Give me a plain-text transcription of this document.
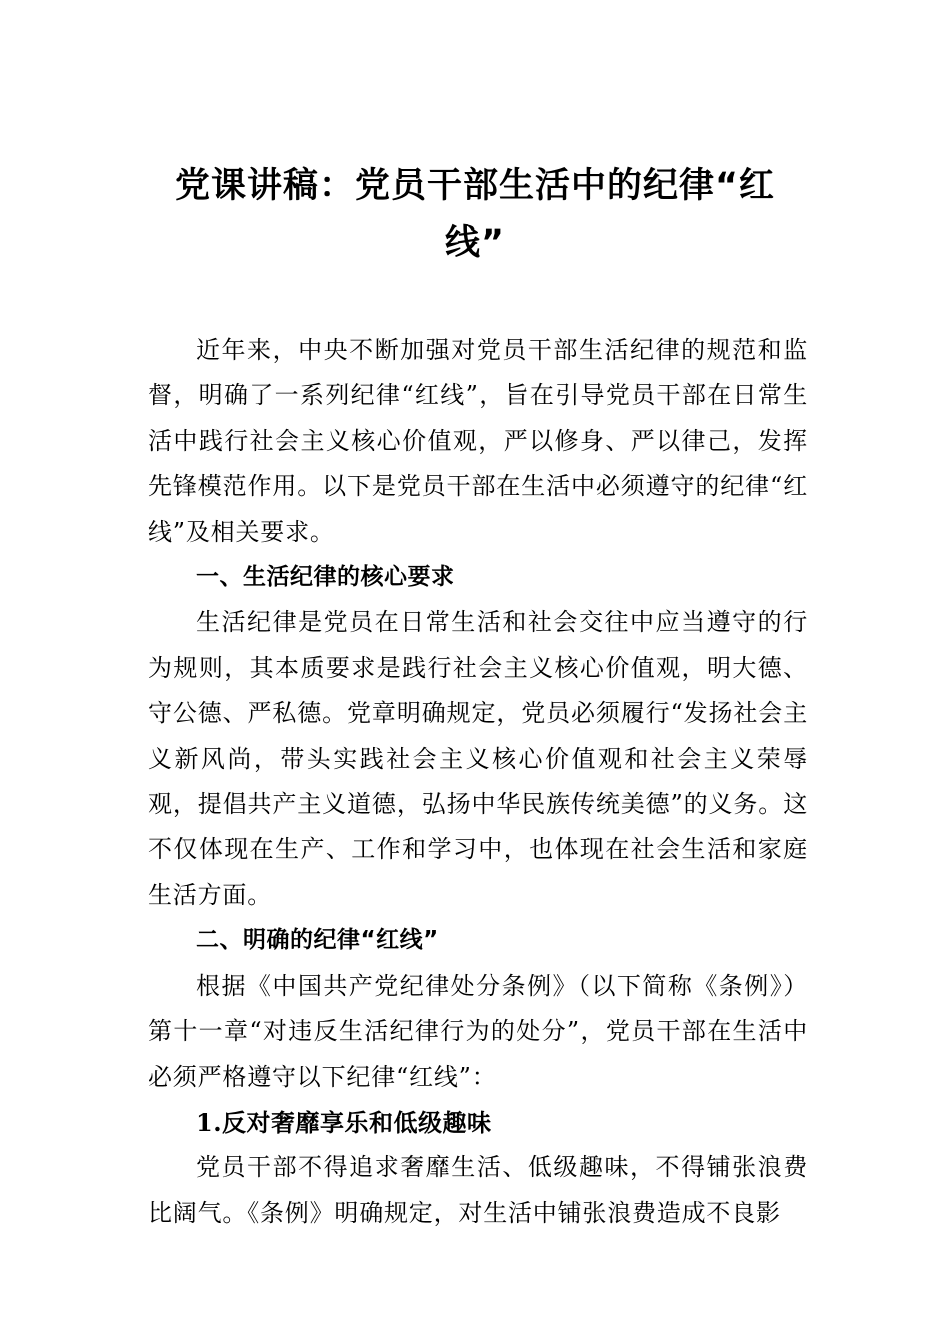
党课讲稿：党员干部生活中的纪律“红
线”

近年来，中央不断加强对党员干部生活纪律的规范和监督，明确了一系列纪律“红线”，旨在引导党员干部在日常生活中践行社会主义核心价值观，严以修身、严以律己，发挥先锋模范作用。以下是党员干部在生活中必须遵守的纪律“红线”及相关要求。

一、生活纪律的核心要求

生活纪律是党员在日常生活和社会交往中应当遵守的行为规则，其本质要求是践行社会主义核心价值观，明大德、守公德、严私德。党章明确规定，党员必须履行“发扬社会主义新风尚，带头实践社会主义核心价值观和社会主义荣辱观，提倡共产主义道德，弘扬中华民族传统美德”的义务。这不仅体现在生产、工作和学习中，也体现在社会生活和家庭生活方面。

二、明确的纪律“红线”

根据《中国共产党纪律处分条例》（以下简称《条例》）第十一章“对违反生活纪律行为的处分”，党员干部在生活中必须严格遵守以下纪律“红线”：

1.反对奢靡享乐和低级趣味

党员干部不得追求奢靡生活、低级趣味，不得铺张浪费比阔气。《条例》明确规定，对生活中铺张浪费造成不良影
